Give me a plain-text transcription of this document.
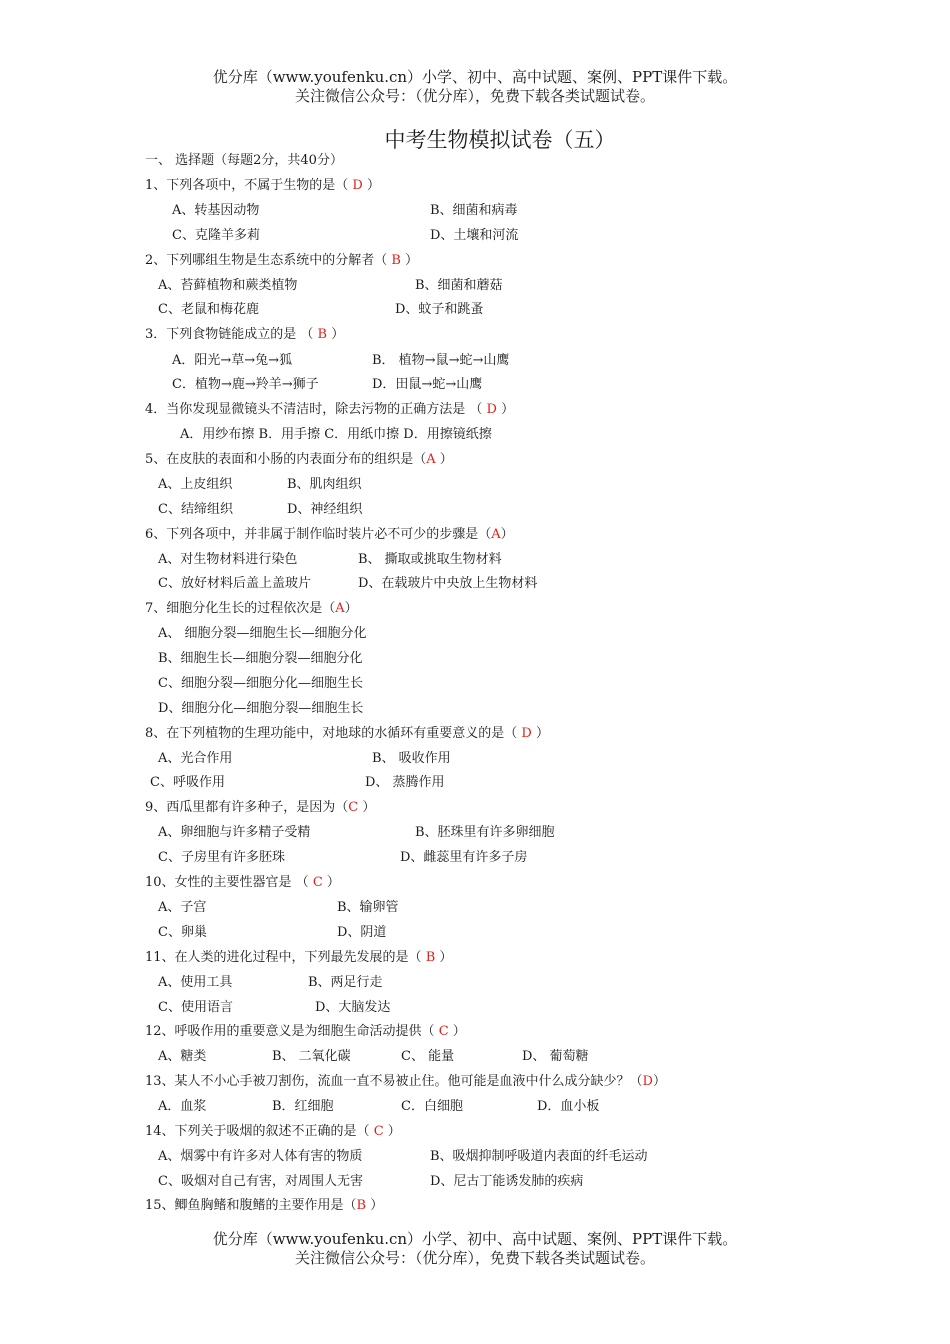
优分库（www.youfenku.cn）小学、初中、高中试题、案例、PPT课件下载。
关注微信公众号：（优分库），免费下载各类试题试卷。
中考生物模拟试卷（五）
一、 选择题（每题2分，共40分）
1、下列各项中，不属于生物的是（ D ）
A、转基因动物	B、细菌和病毒
C、克隆羊多莉	D、土壤和河流
2、下列哪组生物是生态系统中的分解者（ B ）
A、苔藓植物和蕨类植物	B、细菌和蘑菇
C、老鼠和梅花鹿	D、蚊子和跳蚤
3．下列食物链能成立的是 （ B ）
A．阳光→草→兔→狐	B． 植物→鼠→蛇→山鹰
C．植物→鹿→羚羊→狮子	D．田鼠→蛇→山鹰
4．当你发现显微镜头不清洁时，除去污物的正确方法是 （ D ）
A．用纱布擦 B．用手擦 C．用纸巾擦 D．用擦镜纸擦
5、在皮肤的表面和小肠的内表面分布的组织是（A ）
A、上皮组织	B、肌肉组织
C、结缔组织	D、神经组织
6、下列各项中，并非属于制作临时装片必不可少的步骤是（A）
A、对生物材料进行染色	B、 撕取或挑取生物材料
C、放好材料后盖上盖玻片	D、在载玻片中央放上生物材料
7、细胞分化生长的过程依次是（A）
A、 细胞分裂—细胞生长—细胞分化
B、细胞生长—细胞分裂—细胞分化
C、细胞分裂—细胞分化—细胞生长
D、细胞分化—细胞分裂—细胞生长
8、在下列植物的生理功能中，对地球的水循环有重要意义的是（ D ）
A、光合作用	B、 吸收作用
C、呼吸作用	D、 蒸腾作用
9、西瓜里都有许多种子，是因为（C ）
A、卵细胞与许多精子受精	B、胚珠里有许多卵细胞
C、子房里有许多胚珠	D、雌蕊里有许多子房
10、女性的主要性器官是 （ C ）
A、子宫	B、输卵管
C、卵巢	D、阴道
11、在人类的进化过程中，下列最先发展的是（ B ）
A、使用工具	B、两足行走
C、使用语言	D、大脑发达
12、呼吸作用的重要意义是为细胞生命活动提供（ C ）
A、糖类	B、 二氧化碳	C、 能量	D、 葡萄糖
13、某人不小心手被刀割伤，流血一直不易被止住。他可能是血液中什么成分缺少？（D）
A．血浆	B．红细胞	C．白细胞	D．血小板
14、下列关于吸烟的叙述不正确的是（ C ）
A、烟雾中有许多对人体有害的物质	B、吸烟抑制呼吸道内表面的纤毛运动
C、吸烟对自己有害，对周围人无害	D、尼古丁能诱发肺的疾病
15、鲫鱼胸鳍和腹鳍的主要作用是（B ）
优分库（www.youfenku.cn）小学、初中、高中试题、案例、PPT课件下载。
关注微信公众号：（优分库），免费下载各类试题试卷。
